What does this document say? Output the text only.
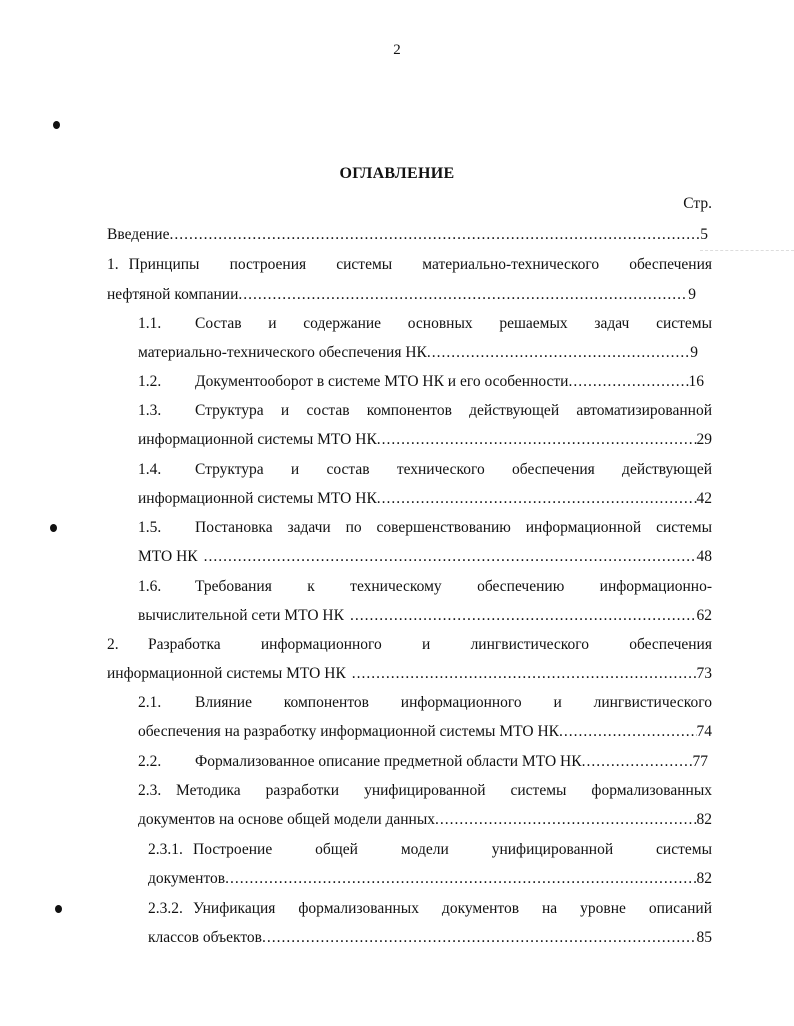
2
ОГЛАВЛЕНИЕ
Стр.
Введение .....	5
1. Принципы построения системы материально-технического обеспечения
нефтяной компании .....	9
1.1.	Состав и содержание основных решаемых задач системы
материально-технического обеспечения НК .....	9
1.2.	Документооборот в системе МТО НК и его особенности .....	16
1.3.	Структура и состав компонентов действующей автоматизированной
информационной системы МТО НК .....	29
1.4.	Структура и состав технического обеспечения действующей
информационной системы МТО НК .....	42
1.5.	Постановка задачи по совершенствованию информационной системы
МТО НК .....	48
1.6.	Требования к техническому обеспечению информационно-
вычислительной сети МТО НК .....	62
2.	Разработка информационного и лингвистического обеспечения
информационной системы МТО НК .....	73
2.1.	Влияние компонентов информационного и лингвистического
обеспечения на разработку информационной системы МТО НК .....	74
2.2.	Формализованное описание предметной области МТО НК .....	77
2.3. Методика разработки унифицированной системы формализованных
документов на основе общей модели данных .....	82
2.3.1. Построение общей модели унифицированной системы
документов .....	82
2.3.2. Унификация формализованных документов на уровне описаний
классов объектов .....	85
